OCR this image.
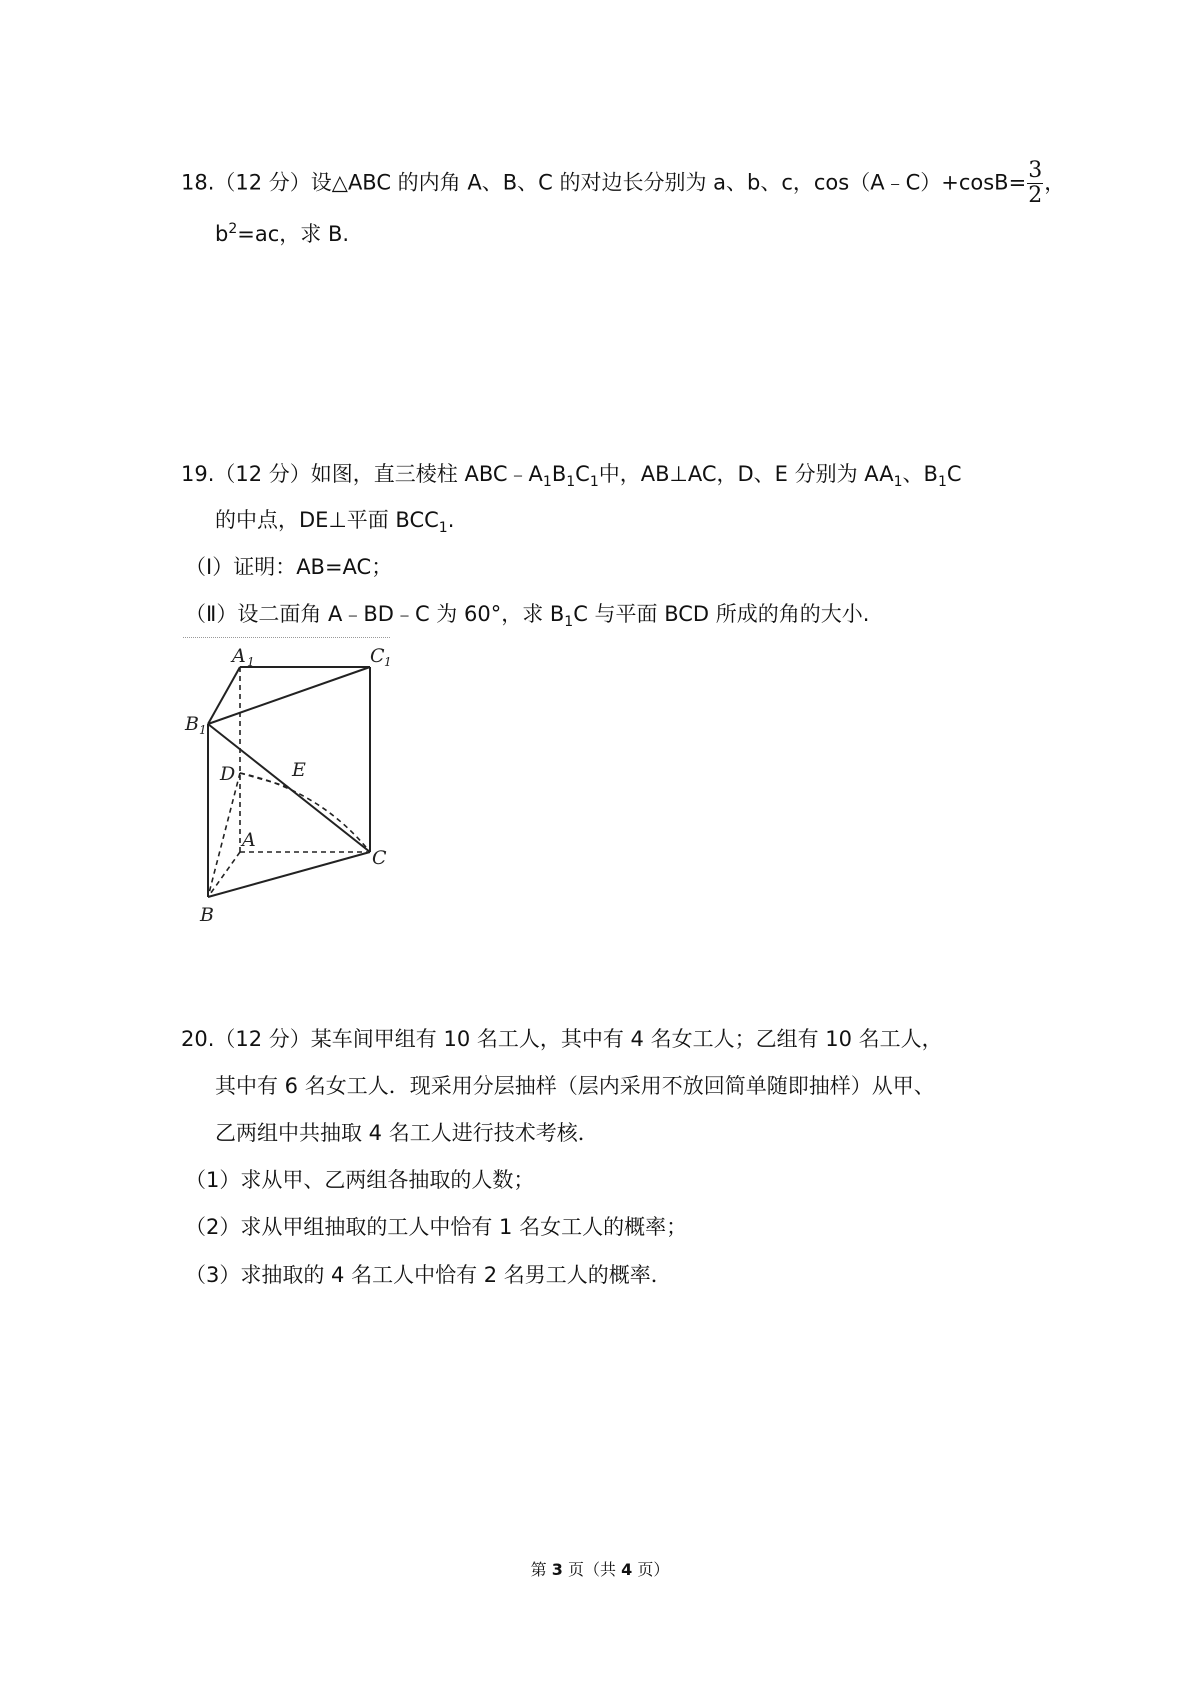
18.（12 分）设△ABC 的内角 A、B、C 的对边长分别为 a、b、c，cos（A﹣C）+cosB= $\frac{3}{2}$ ，
$b^2=ac$，求 B.
19.（12 分）如图，直三棱柱 $ABC﹣A_1B_1C_1$中，AB⊥AC，D、E 分别为 $AA_1$、$B_1C$
的中点，DE⊥平面 $BCC_1$.
（Ⅰ）证明：AB=AC；
（Ⅱ）设二面角 A﹣BD﹣C 为 60°，求 $B_1C$ 与平面 BCD 所成的角的大小.
A 1	C 1
B 1
D	E
A
C
B
20.（12 分）某车间甲组有 10 名工人，其中有 4 名女工人；乙组有 10 名工人，
其中有 6 名女工人．现采用分层抽样（层内采用不放回简单随即抽样）从甲、
乙两组中共抽取 4 名工人进行技术考核．
（1）求从甲、乙两组各抽取的人数；
（2）求从甲组抽取的工人中恰有 1 名女工人的概率；
（3）求抽取的 4 名工人中恰有 2 名男工人的概率．
第 3 页（共 4 页）
